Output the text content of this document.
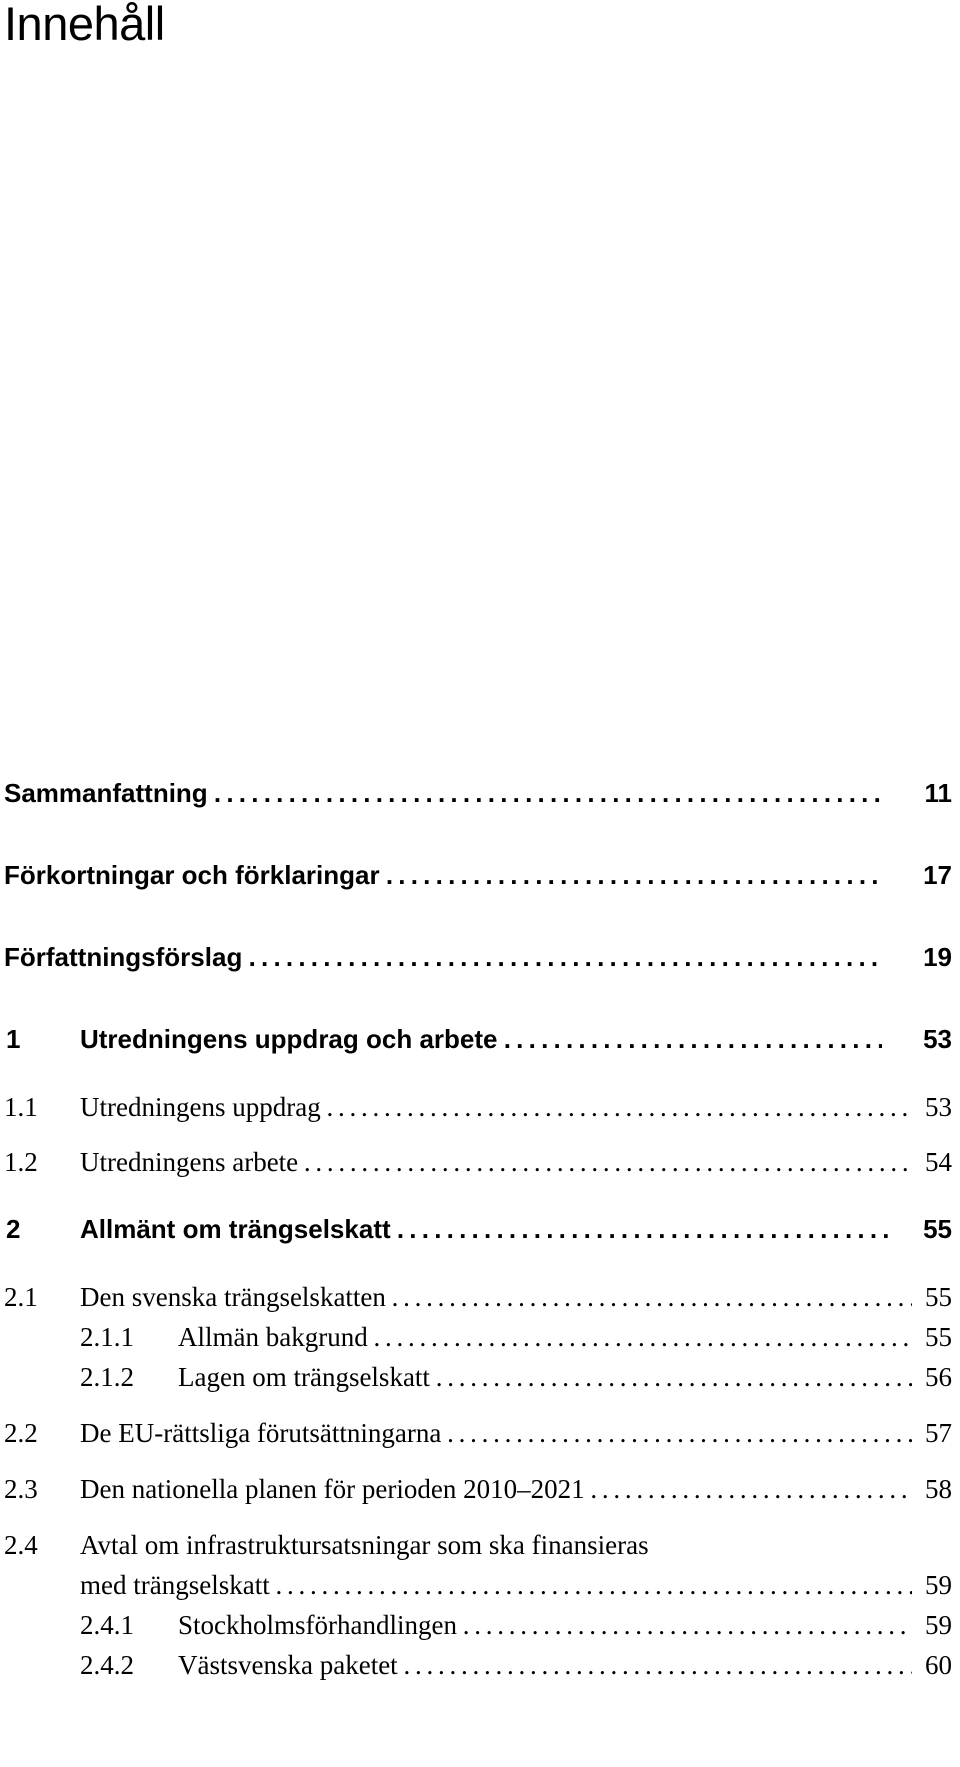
Innehåll
Sammanfattning . . .	11
Förkortningar och förklaringar . . .	17
Författningsförslag . . .	19
1 Utredningens uppdrag och arbete . . .	53
1.1 Utredningens uppdrag . . .	53
1.2 Utredningens arbete . . .	54
2 Allmänt om trängselskatt . . .	55
2.1 Den svenska trängselskatten . . .	55
2.1.1 Allmän bakgrund . . .	55
2.1.2 Lagen om trängselskatt . . .	56
2.2 De EU-rättsliga förutsättningarna . . .	57
2.3 Den nationella planen för perioden 2010–2021 . . .	58
2.4 Avtal om infrastruktursatsningar som ska finansieras
med trängselskatt . . .	59
2.4.1 Stockholmsförhandlingen . . .	59
2.4.2 Västsvenska paketet . . .	60
